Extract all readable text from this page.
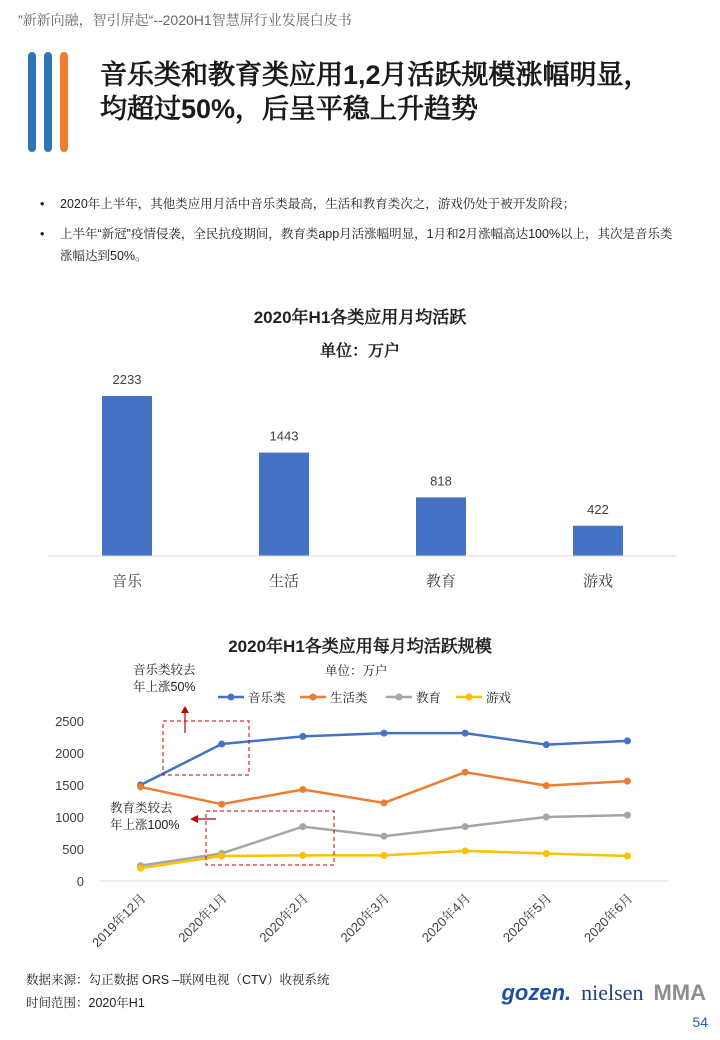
”新新向融，智引屏起“--2020H1智慧屏行业发展白皮书
音乐类和教育类应用1,2月活跃规模涨幅明显，
均超过50%，后呈平稳上升趋势
• 2020年上半年，其他类应用月活中音乐类最高，生活和教育类次之，游戏仍处于被开发阶段；
• 上半年“新冠”疫情侵袭，全民抗疫期间，教育类app月活涨幅明显，1月和2月涨幅高达100%以上，其次是音乐类涨幅达到50%。
2020年H1各类应用月均活跃
单位：万户
2233
音乐
1443
生活
818
教育
422
游戏
2020年H1各类应用每月均活跃规模
0
500
1000
1500
2000
2500
2019年12月 2020年1月 2020年2月 2020年3月 2020年4月 2020年5月 2020年6月
单位：万户
音乐类	生活类	教育	游戏
音乐类较去
年上涨50%
教育类较去
年上涨100%
数据来源：勾正数据 ORS –联网电视（CTV）收视系统
时间范围：2020年H1	gozen. nielsen MMA
54
